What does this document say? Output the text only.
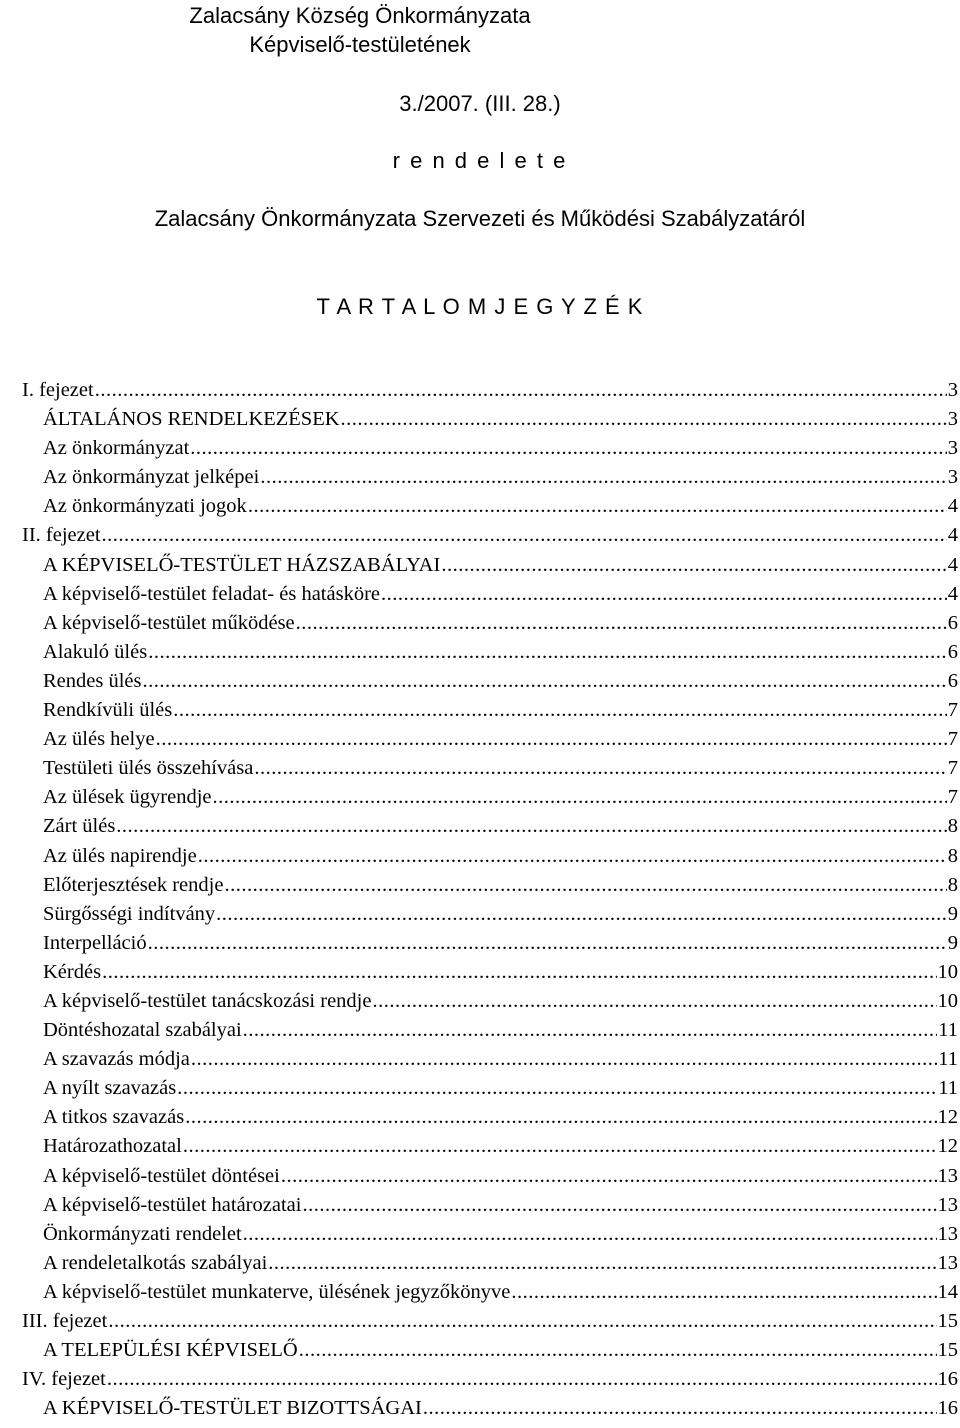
Zalacsány Község Önkormányzata
Képviselő-testületének
3./2007. (III. 28.)
r e n d e l e t e
Zalacsány Önkormányzata Szervezeti és Működési Szabályzatáról
T A R T A L O M J E G Y Z É K
I. fejezet .....	3
ÁLTALÁNOS RENDELKEZÉSEK .....	3
Az önkormányzat .....	3
Az önkormányzat jelképei .....	3
Az önkormányzati jogok .....	4
II. fejezet .....	4
A KÉPVISELŐ-TESTÜLET HÁZSZABÁLYAI .....	4
A képviselő-testület feladat- és hatásköre .....	4
A képviselő-testület működése .....	6
Alakuló ülés .....	6
Rendes ülés .....	6
Rendkívüli ülés .....	7
Az ülés helye .....	7
Testületi ülés összehívása .....	7
Az ülések ügyrendje .....	7
Zárt ülés .....	8
Az ülés napirendje .....	8
Előterjesztések rendje .....	8
Sürgősségi indítvány .....	9
Interpelláció .....	9
Kérdés .....	10
A képviselő-testület tanácskozási rendje .....	10
Döntéshozatal szabályai .....	11
A szavazás módja .....	11
A nyílt szavazás .....	11
A titkos szavazás .....	12
Határozathozatal .....	12
A képviselő-testület döntései .....	13
A képviselő-testület határozatai .....	13
Önkormányzati rendelet .....	13
A rendeletalkotás szabályai .....	13
A képviselő-testület munkaterve, ülésének jegyzőkönyve .....	14
III. fejezet .....	15
A TELEPÜLÉSI KÉPVISELŐ .....	15
IV. fejezet .....	16
A KÉPVISELŐ-TESTÜLET BIZOTTSÁGAI .....	16
